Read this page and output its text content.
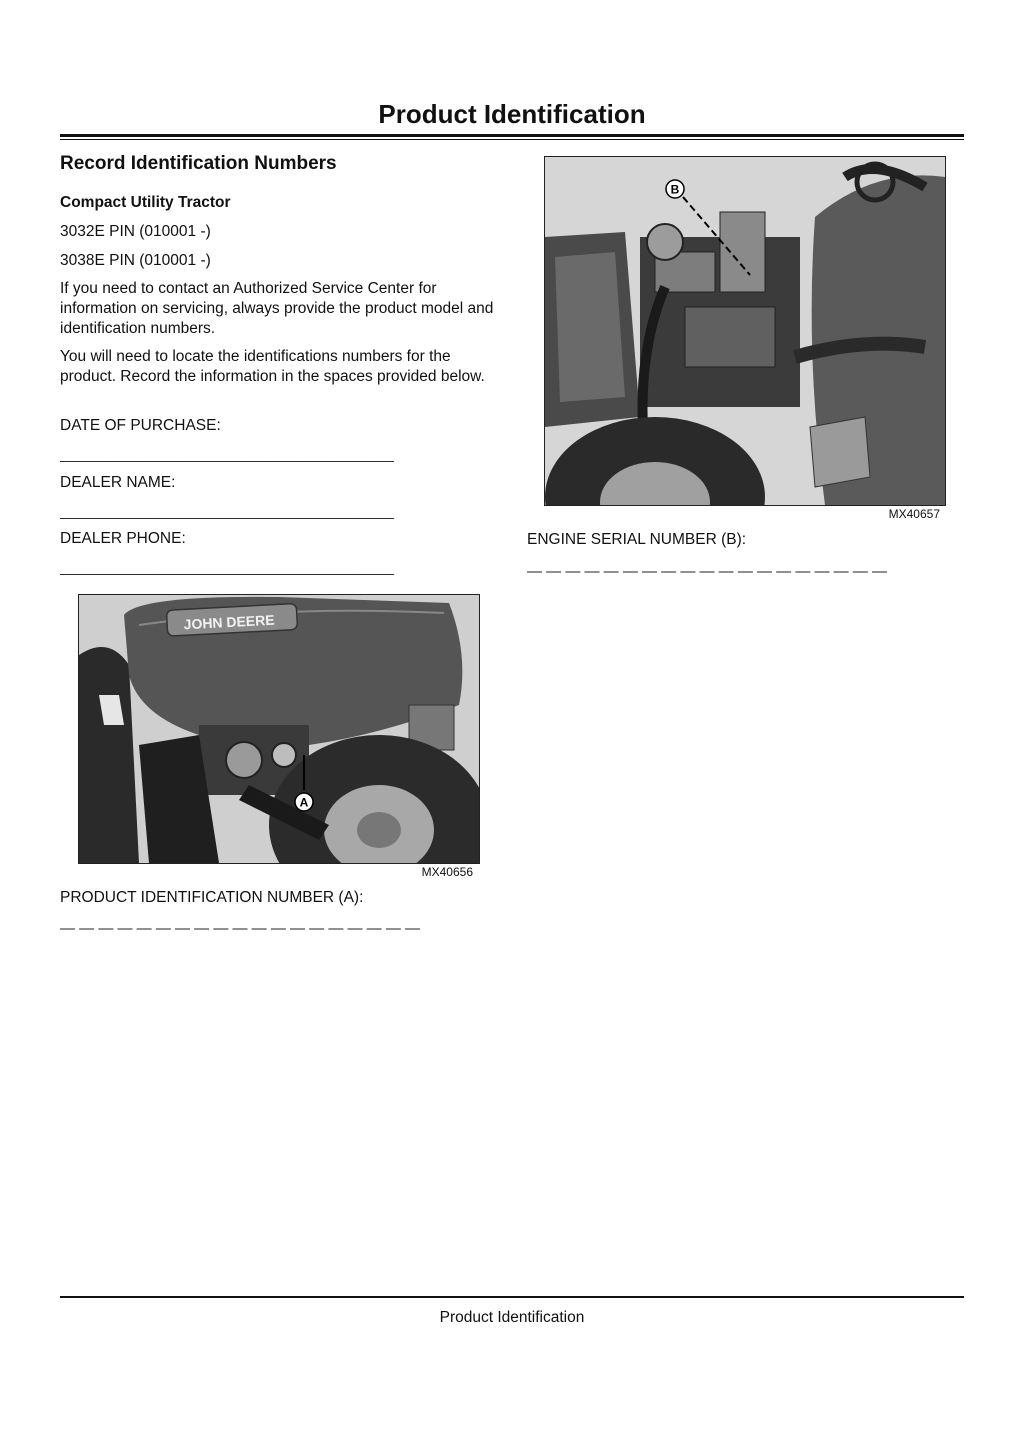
Product Identification
Record Identification Numbers
Compact Utility Tractor
3032E PIN (010001 -)
3038E PIN (010001 -)
If you need to contact an Authorized Service Center for information on servicing, always provide the product model and identification numbers.
You will need to locate the identifications numbers for the product. Record the information in the spaces provided below.
DATE OF PURCHASE:
________________________________________
DEALER NAME:
________________________________________
DEALER PHONE:
________________________________________
JOHN DEERE
A
MX40656
PRODUCT IDENTIFICATION NUMBER (A):
— — — — — — — — — — — — — — — — — — —
B
MX40657
ENGINE SERIAL NUMBER (B):
— — — — — — — — — — — — — — — — — — —
Product Identification
